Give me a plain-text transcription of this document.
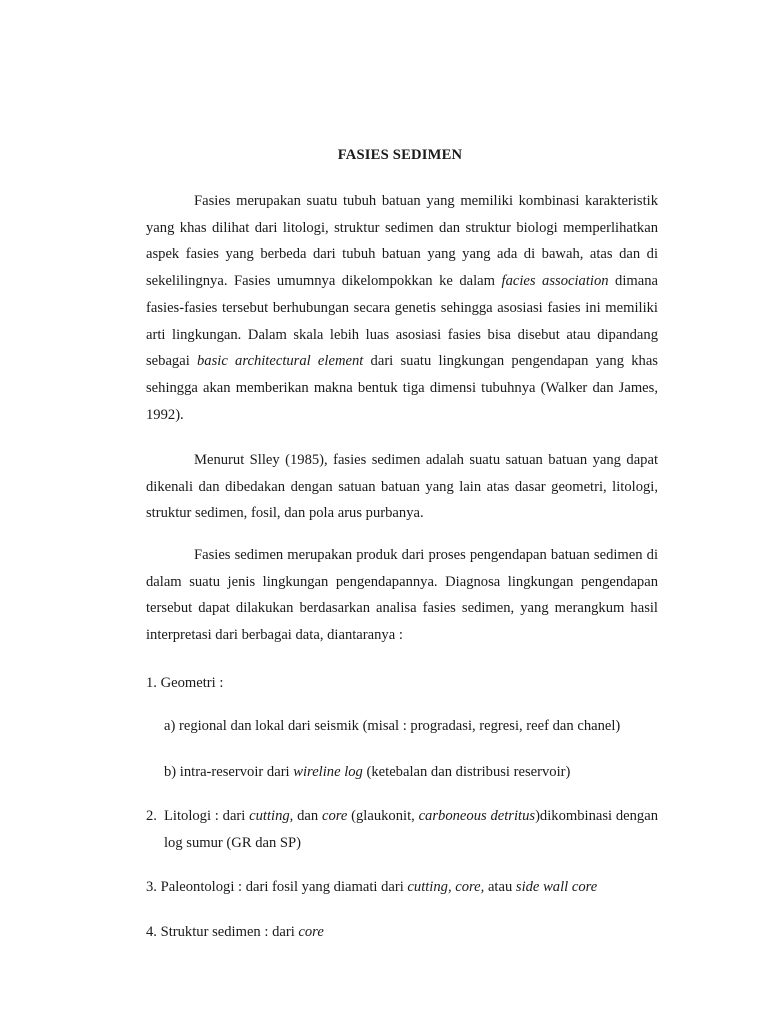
FASIES SEDIMEN

Fasies merupakan suatu tubuh batuan yang memiliki kombinasi karakteristik yang khas dilihat dari litologi, struktur sedimen dan struktur biologi memperlihatkan aspek fasies yang berbeda dari tubuh batuan yang yang ada di bawah, atas dan di sekelilingnya. Fasies umumnya dikelompokkan ke dalam facies association dimana fasies-fasies tersebut berhubungan secara genetis sehingga asosiasi fasies ini memiliki arti lingkungan. Dalam skala lebih luas asosiasi fasies bisa disebut atau dipandang sebagai basic architectural element dari suatu lingkungan pengendapan yang khas sehingga akan memberikan makna bentuk tiga dimensi tubuhnya (Walker dan James, 1992).

Menurut Slley (1985), fasies sedimen adalah suatu satuan batuan yang dapat dikenali dan dibedakan dengan satuan batuan yang lain atas dasar geometri, litologi, struktur sedimen, fosil, dan pola arus purbanya.

Fasies sedimen merupakan produk dari proses pengendapan batuan sedimen di dalam suatu jenis lingkungan pengendapannya. Diagnosa lingkungan pengendapan tersebut dapat dilakukan berdasarkan analisa fasies sedimen, yang merangkum hasil interpretasi dari berbagai data, diantaranya :

1. Geometri :
a) regional dan lokal dari seismik (misal : progradasi, regresi, reef dan chanel)
b) intra-reservoir dari wireline log (ketebalan dan distribusi reservoir)
2. Litologi : dari cutting, dan core (glaukonit, carboneous detritus)dikombinasi dengan log sumur (GR dan SP)
3. Paleontologi : dari fosil yang diamati dari cutting, core, atau side wall core
4. Struktur sedimen : dari core
